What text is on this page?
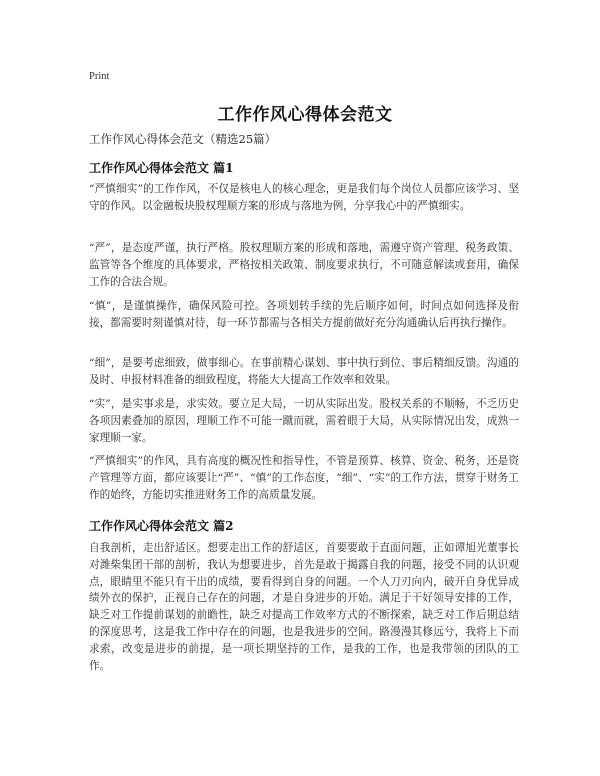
Print
工作作风心得体会范文
工作作风心得体会范文（精选25篇）
工作作风心得体会范文 篇1
“严慎细实”的工作作风，不仅是核电人的核心理念，更是我们每个岗位人员都应该学习、坚守的作风。以金融板块股权理顺方案的形成与落地为例，分享我心中的严慎细实。
“严”，是态度严谨，执行严格。股权理顺方案的形成和落地，需遵守资产管理、税务政策、监管等各个维度的具体要求，严格按相关政策、制度要求执行，不可随意解读或套用，确保工作的合法合规。
“慎”，是谨慎操作，确保风险可控。各项划转手续的先后顺序如何，时间点如何选择及衔接，都需要时刻谨慎对待，每一环节都需与各相关方提前做好充分沟通确认后再执行操作。
“细”，是要考虑细致，做事细心。在事前精心谋划、事中执行到位、事后精细反馈。沟通的及时、申报材料准备的细致程度，将能大大提高工作效率和效果。
“实”，是实事求是，求实效。要立足大局，一切从实际出发。股权关系的不顺畅，不乏历史各项因素叠加的原因，理顺工作不可能一蹴而就，需着眼于大局，从实际情况出发，成熟一家理顺一家。
“严慎细实”的作风，具有高度的概况性和指导性，不管是预算、核算、资金、税务，还是资产管理等方面，都应该要让“严”、“慎”的工作态度，“细”、“实”的工作方法，贯穿于财务工作的始终，方能切实推进财务工作的高质量发展。
工作作风心得体会范文 篇2
自我剖析，走出舒适区。想要走出工作的舒适区，首要要敢于直面问题，正如谭旭光董事长对潍柴集团干部的剖析，我认为想要进步，首先是敢于揭露自我的问题，接受不同的认识观点，眼睛里不能只有干出的成绩，要看得到自身的问题。一个人刀刃向内，破开自身优异成绩外衣的保护，正视自己存在的问题，才是自身进步的开始。满足于干好领导安排的工作，缺乏对工作提前谋划的前瞻性，缺乏对提高工作效率方式的不断探索，缺乏对工作后期总结的深度思考，这是我工作中存在的问题，也是我进步的空间。路漫漫其修远兮，我将上下而求索，改变是进步的前提，是一项长期坚持的工作，是我的工作，也是我带领的团队的工作。
